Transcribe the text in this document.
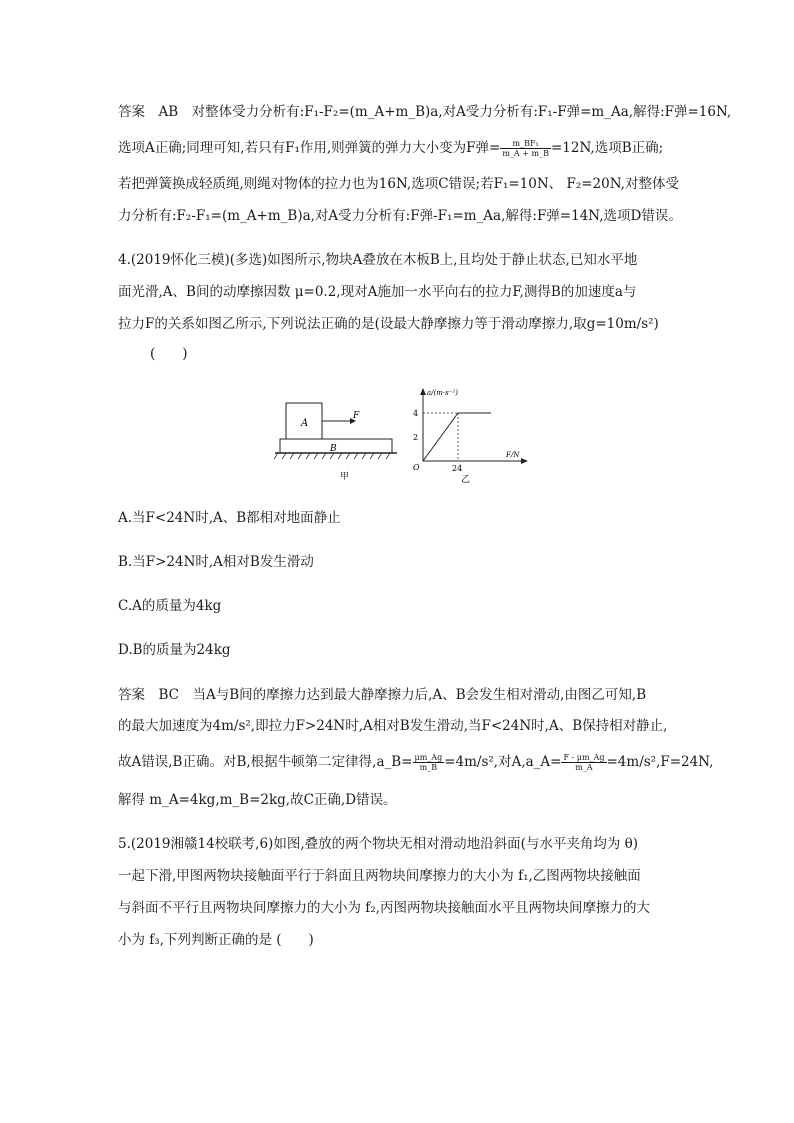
答案　AB　对整体受力分析有:F₁-F₂=(m_A+m_B)a,对A受力分析有:F₁-F弹=m_Aa,解得:F弹=16N,
选项A正确;同理可知,若只有F₁作用,则弹簧的弹力大小变为F弹= $\frac{\text{m\_BF₁}}{m\_A + m\_B} =12N$,选项B正确;
若把弹簧换成轻质绳,则绳对物体的拉力也为16N,选项C错误;若F₁=10N、 F₂=20N,对整体受
力分析有:F₂-F₁=(m_A+m_B)a,对A受力分析有:F弹-F₁=m_Aa,解得:F弹=14N,选项D错误。
4.(2019怀化三模)(多选)如图所示,物块A叠放在木板B上,且均处于静止状态,已知水平地
面光滑,A、B间的动摩擦因数 μ=0.2,现对A施加一水平向右的拉力F,测得B的加速度a与
拉力F的关系如图乙所示,下列说法正确的是(设最大静摩擦力等于滑动摩擦力,取g=10m/s²)
(　　)
A
F
B
甲
a/(m·s⁻²)
F/N
4
2
O	24
乙
A.当F<24N时,A、B都相对地面静止
B.当F>24N时,A相对B发生滑动
C.A的质量为4kg
D.B的质量为24kg
答案　BC　当A与B间的摩擦力达到最大静摩擦力后,A、B会发生相对滑动,由图乙可知,B
的最大加速度为4m/s²,即拉力F>24N时,A相对B发生滑动,当F<24N时,A、B保持相对静止,
故A错误,B正确。对B,根据牛顿第二定律得,a_B= $\frac{\mu m\_Ag}{m\_B} =4m/s^2$,对A,a_A= $\frac{F - \mu m\_Ag}{m\_A} =4m/s^2,F=24N$,
解得 m_A=4kg,m_B=2kg,故C正确,D错误。
5.(2019湘赣14校联考,6)如图,叠放的两个物块无相对滑动地沿斜面(与水平夹角均为 θ)
一起下滑,甲图两物块接触面平行于斜面且两物块间摩擦力的大小为 f₁,乙图两物块接触面
与斜面不平行且两物块间摩擦力的大小为 f₂,丙图两物块接触面水平且两物块间摩擦力的大
小为 f₃,下列判断正确的是 (　　)
